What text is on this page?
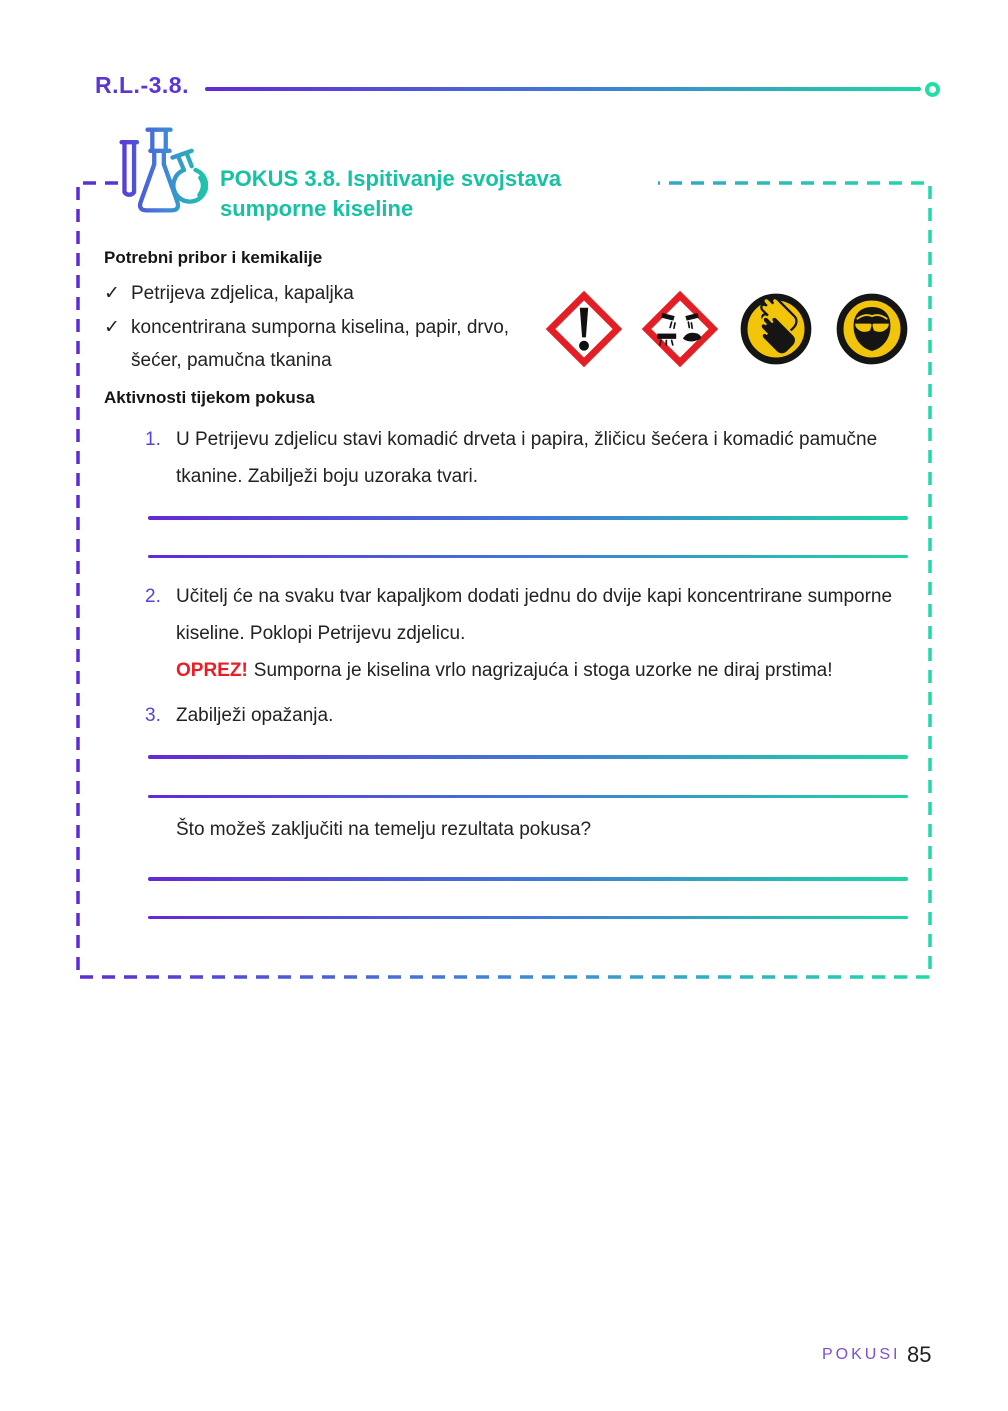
R.L.-3.8.
POKUS 3.8. Ispitivanje svojstava sumporne kiseline
Potrebni pribor i kemikalije
✓ Petrijeva zdjelica, kapaljka
✓ koncentrirana sumporna kiselina, papir, drvo, šećer, pamučna tkanina
Aktivnosti tijekom pokusa
1. U Petrijevu zdjelicu stavi komadić drveta i papira, žličicu šećera i komadić pamučne tkanine. Zabilježi boju uzoraka tvari.
2. Učitelj će na svaku tvar kapaljkom dodati jednu do dvije kapi koncentrirane sumporne kiseline. Poklopi Petrijevu zdjelicu.
OPREZ! Sumporna je kiselina vrlo nagrizajuća i stoga uzorke ne diraj prstima!
3. Zabilježi opažanja.
Što možeš zaključiti na temelju rezultata pokusa?
POKUSI 85
